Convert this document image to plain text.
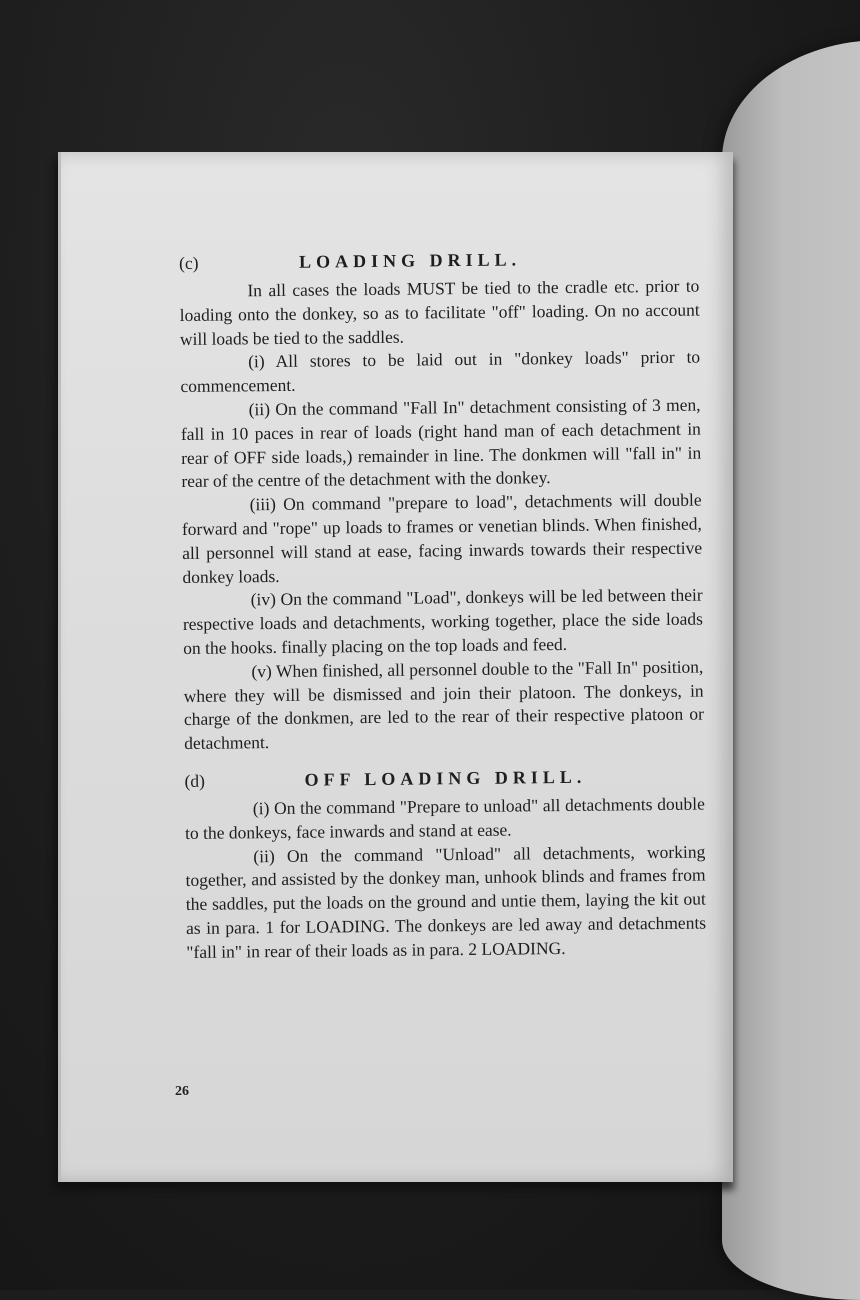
(c)	LOADING DRILL.

In all cases the loads MUST be tied to the cradle etc. prior to loading onto the donkey, so as to facilitate "off" loading. On no account will loads be tied to the saddles.

(i) All stores to be laid out in "donkey loads" prior to commencement.

(ii) On the command "Fall In" detachment consisting of 3 men, fall in 10 paces in rear of loads (right hand man of each detachment in rear of OFF side loads,) remainder in line. The donkmen will "fall in" in rear of the centre of the detachment with the donkey.

(iii) On command "prepare to load", detachments will double forward and "rope" up loads to frames or venetian blinds. When finished, all personnel will stand at ease, facing inwards towards their respective donkey loads.

(iv) On the command "Load", donkeys will be led between their respective loads and detachments, working together, place the side loads on the hooks. finally placing on the top loads and feed.

(v) When finished, all personnel double to the "Fall In" position, where they will be dismissed and join their platoon. The donkeys, in charge of the donkmen, are led to the rear of their respective platoon or detachment.

(d)	OFF LOADING DRILL.

(i) On the command "Prepare to unload" all detachments double to the donkeys, face inwards and stand at ease.

(ii) On the command "Unload" all detachments, working together, and assisted by the donkey man, unhook blinds and frames from the saddles, put the loads on the ground and untie them, laying the kit out as in para. 1 for LOADING. The donkeys are led away and detachments "fall in" in rear of their loads as in para. 2 LOADING.

26
